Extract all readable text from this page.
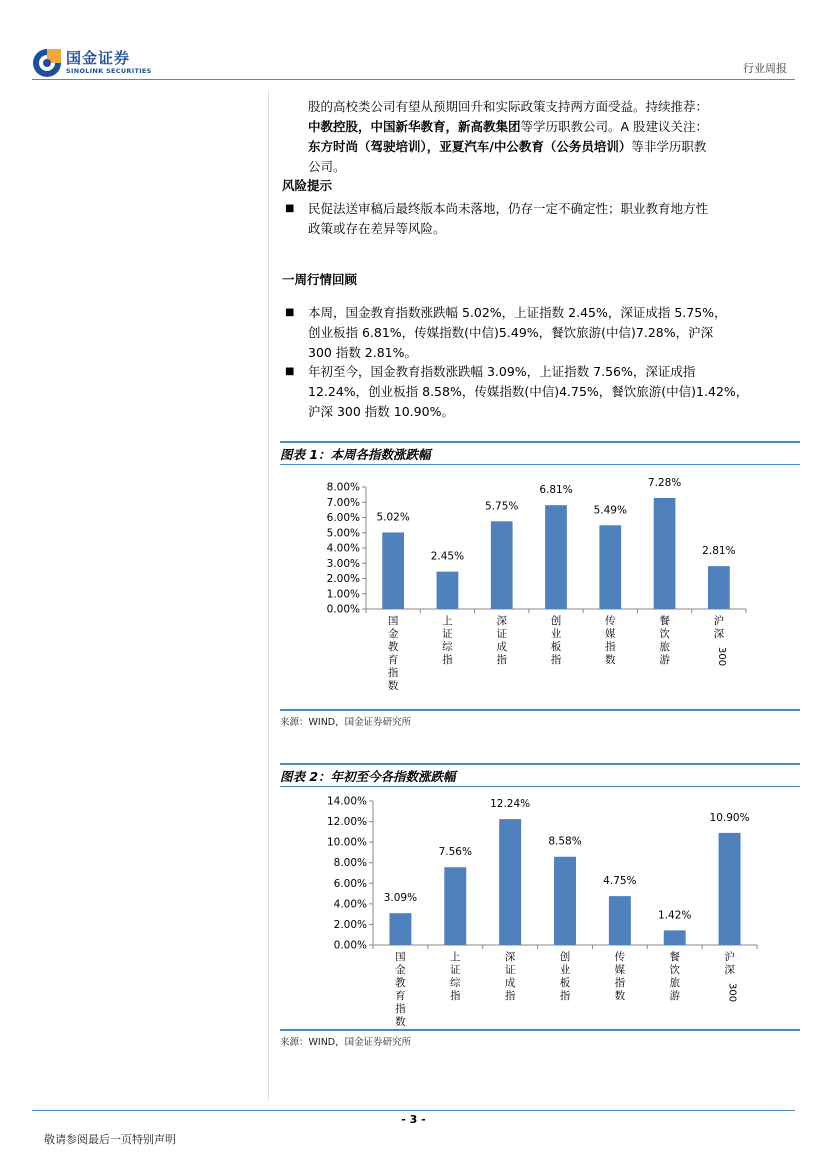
国金证券
SINOLINK SECURITIES	行业周报
股的高校类公司有望从预期回升和实际政策支持两方面受益。持续推荐：
中教控股，中国新华教育，新高教集团等学历职教公司。A 股建议关注：
东方时尚（驾驶培训），亚夏汽车/中公教育（公务员培训）等非学历职教
公司。
风险提示
■ 民促法送审稿后最终版本尚未落地，仍存一定不确定性；职业教育地方性
政策或存在差异等风险。
一周行情回顾
■ 本周，国金教育指数涨跌幅 5.02%，上证指数 2.45%，深证成指 5.75%，
创业板指 6.81%，传媒指数(中信)5.49%，餐饮旅游(中信)7.28%，沪深
300 指数 2.81%。
■ 年初至今，国金教育指数涨跌幅 3.09%，上证指数 7.56%，深证成指
12.24%，创业板指 8.58%，传媒指数(中信)4.75%，餐饮旅游(中信)1.42%，
沪深 300 指数 10.90%。
图表 1：本周各指数涨跌幅
0.00%
1.00%
2.00%
3.00%
4.00%
5.00%
6.00%
7.00%
8.00%
5.02%
国
金
教
育
指
数
2.45%
上
证
综
指
5.75%
深
证
成
指
6.81%
创
业
板
指
5.49%
传
媒
指
数
7.28%
餐
饮
旅
游
2.81%
沪
深
300
来源：WIND，国金证券研究所
图表 2：年初至今各指数涨跌幅
0.00%
2.00%
4.00%
6.00%
8.00%
10.00%
12.00%
14.00%
3.09%
国
金
教
育
指
数
7.56%
上
证
综
指
12.24%
深
证
成
指
8.58%
创
业
板
指
4.75%
传
媒
指
数
1.42%
餐
饮
旅
游
10.90%
沪
深
300
来源：WIND，国金证券研究所
- 3 -
敬请参阅最后一页特别声明
